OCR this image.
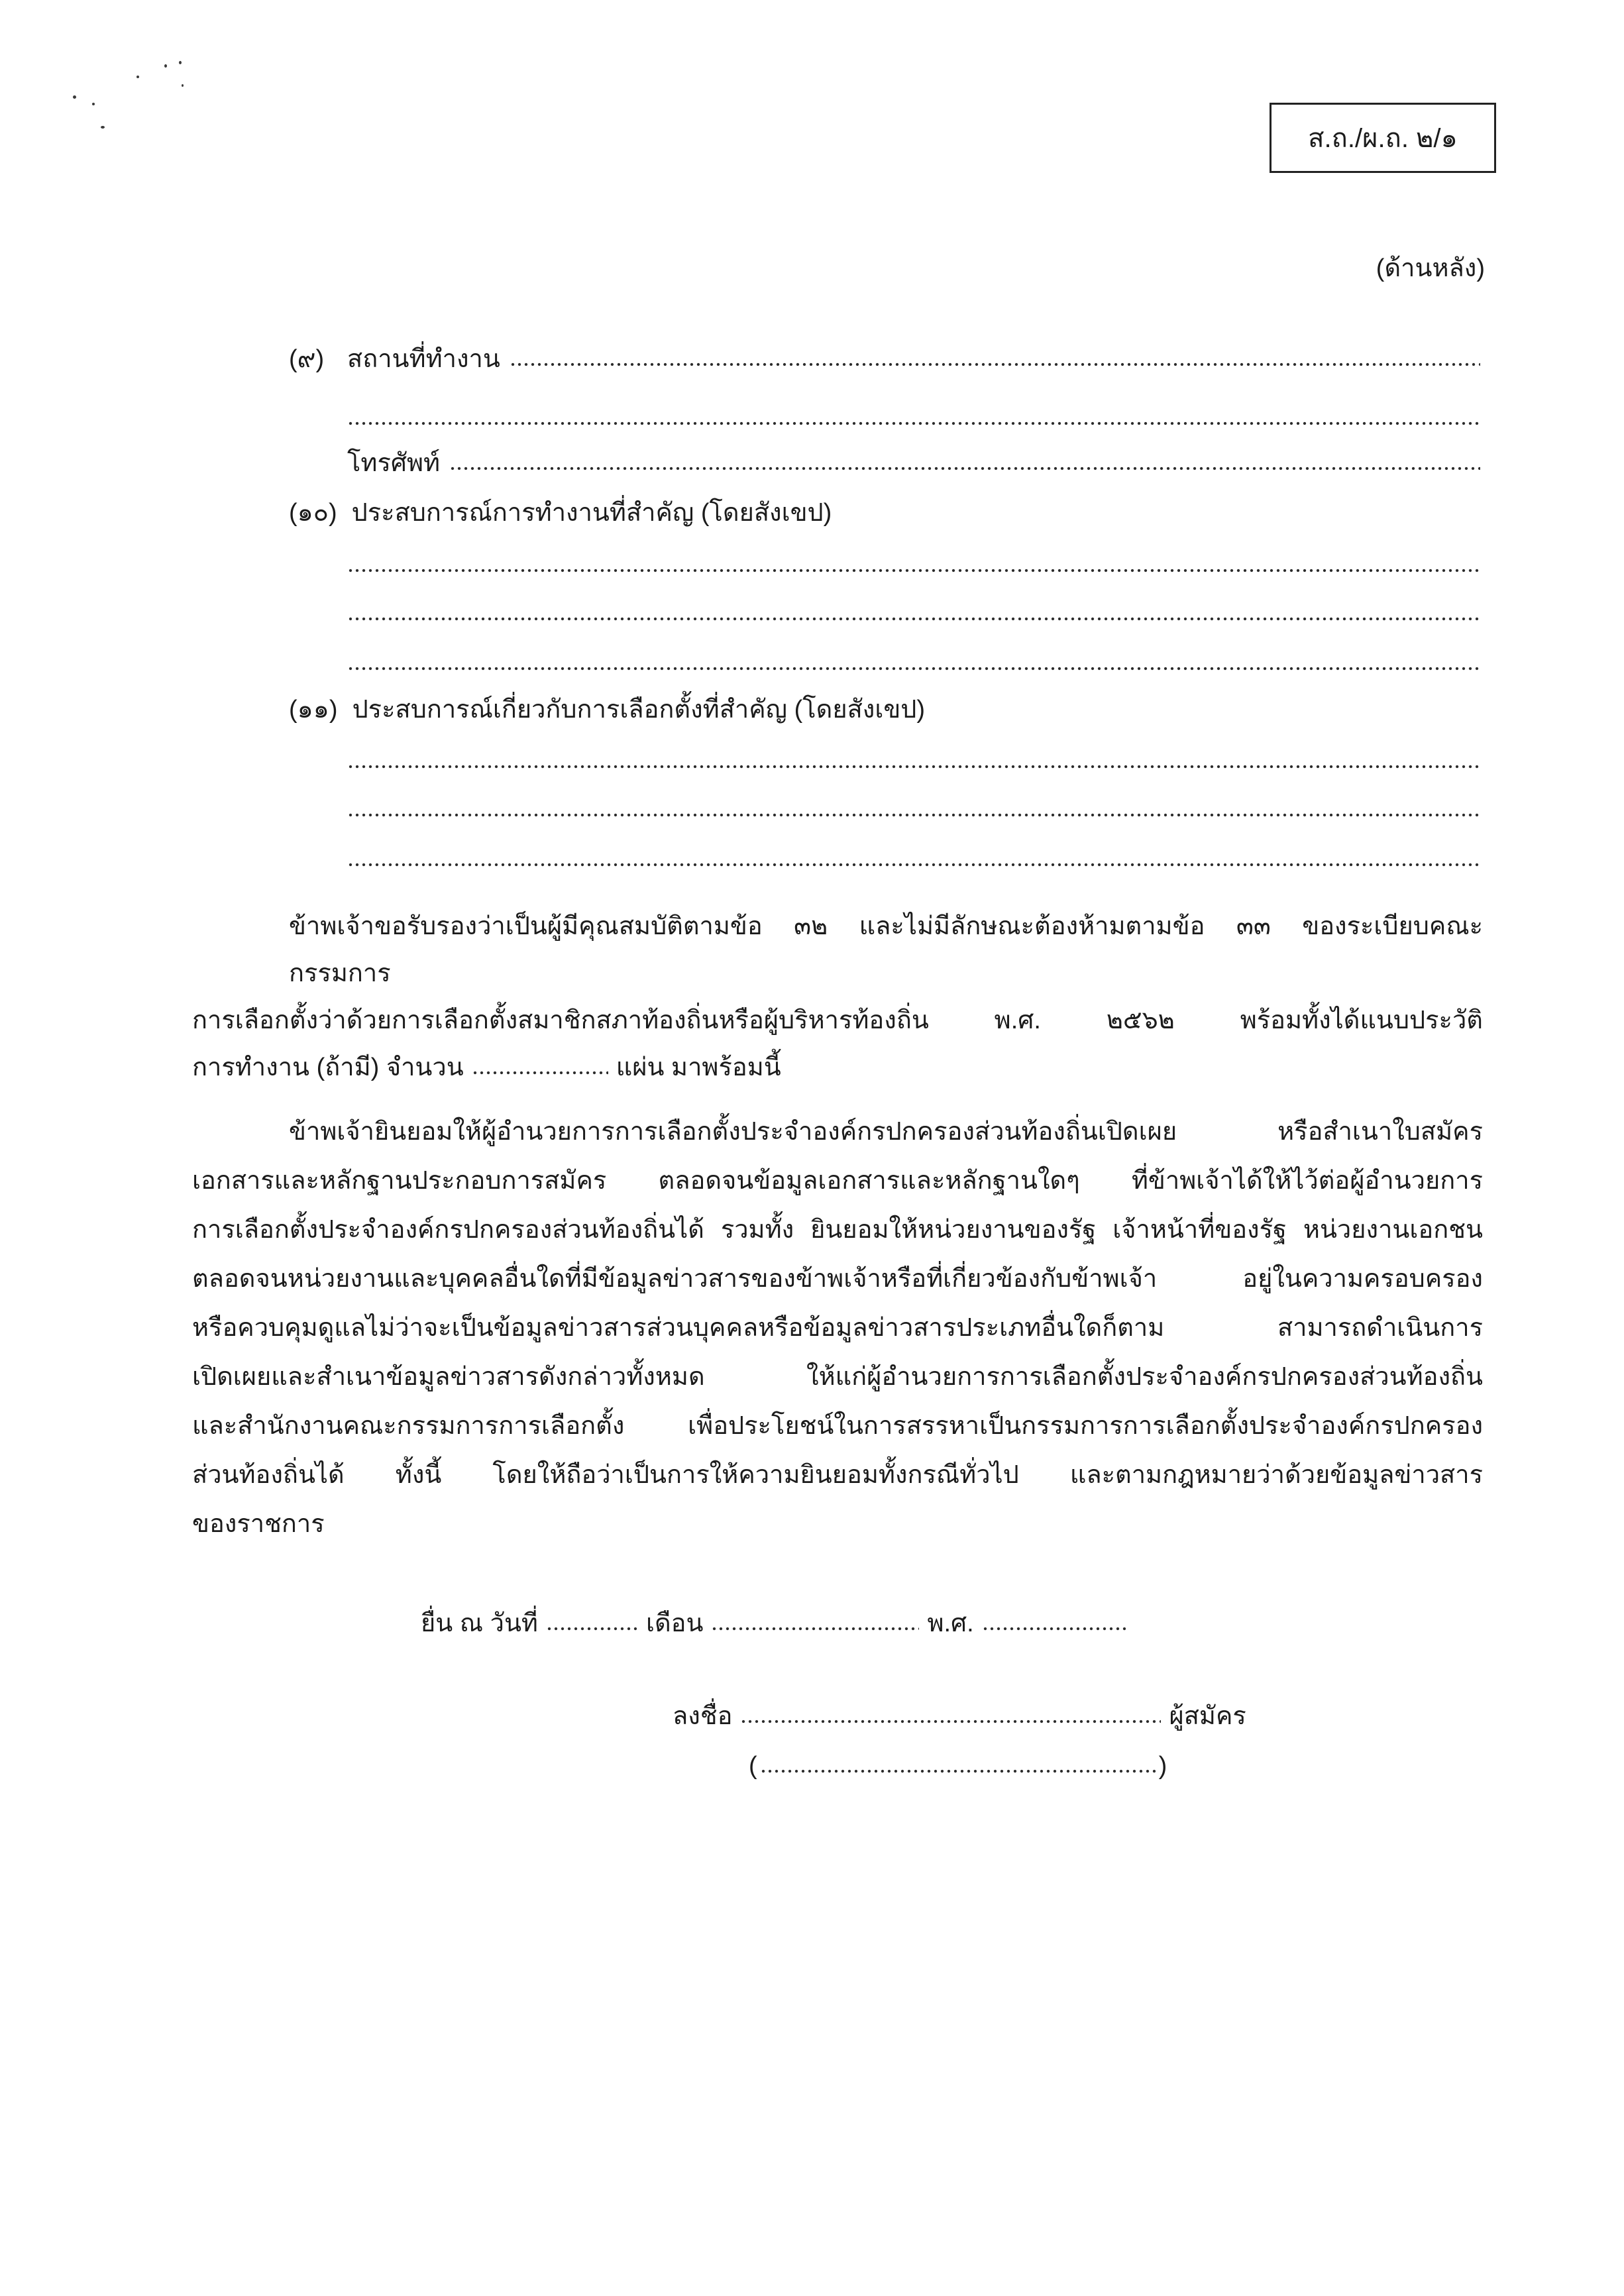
ส.ถ./ผ.ถ. ๒/๑
(ด้านหลัง)
(๙) สถานที่ทำงาน
โทรศัพท์
(๑๐) ประสบการณ์การทำงานที่สำคัญ (โดยสังเขป)
(๑๑) ประสบการณ์เกี่ยวกับการเลือกตั้งที่สำคัญ (โดยสังเขป)
ข้าพเจ้าขอรับรองว่าเป็นผู้มีคุณสมบัติตามข้อ ๓๒ และไม่มีลักษณะต้องห้ามตามข้อ ๓๓ ของระเบียบคณะกรรมการ
การเลือกตั้งว่าด้วยการเลือกตั้งสมาชิกสภาท้องถิ่นหรือผู้บริหารท้องถิ่น พ.ศ. ๒๕๖๒ พร้อมทั้งได้แนบประวัติ
การทำงาน (ถ้ามี) จำนวน	แผ่น มาพร้อมนี้
ข้าพเจ้ายินยอมให้ผู้อำนวยการการเลือกตั้งประจำองค์กรปกครองส่วนท้องถิ่นเปิดเผย หรือสำเนาใบสมัคร
เอกสารและหลักฐานประกอบการสมัคร ตลอดจนข้อมูลเอกสารและหลักฐานใดๆ ที่ข้าพเจ้าได้ให้ไว้ต่อผู้อำนวยการ
การเลือกตั้งประจำองค์กรปกครองส่วนท้องถิ่นได้ รวมทั้ง ยินยอมให้หน่วยงานของรัฐ เจ้าหน้าที่ของรัฐ หน่วยงานเอกชน
ตลอดจนหน่วยงานและบุคคลอื่นใดที่มีข้อมูลข่าวสารของข้าพเจ้าหรือที่เกี่ยวข้องกับข้าพเจ้า อยู่ในความครอบครอง
หรือควบคุมดูแลไม่ว่าจะเป็นข้อมูลข่าวสารส่วนบุคคลหรือข้อมูลข่าวสารประเภทอื่นใดก็ตาม สามารถดำเนินการ
เปิดเผยและสำเนาข้อมูลข่าวสารดังกล่าวทั้งหมด ให้แก่ผู้อำนวยการการเลือกตั้งประจำองค์กรปกครองส่วนท้องถิ่น
และสำนักงานคณะกรรมการการเลือกตั้ง เพื่อประโยชน์ในการสรรหาเป็นกรรมการการเลือกตั้งประจำองค์กรปกครอง
ส่วนท้องถิ่นได้ ทั้งนี้ โดยให้ถือว่าเป็นการให้ความยินยอมทั้งกรณีทั่วไป และตามกฎหมายว่าด้วยข้อมูลข่าวสาร
ของราชการ
ยื่น ณ วันที่	เดือน	พ.ศ.
ลงชื่อ	ผู้สมัคร
(	)
